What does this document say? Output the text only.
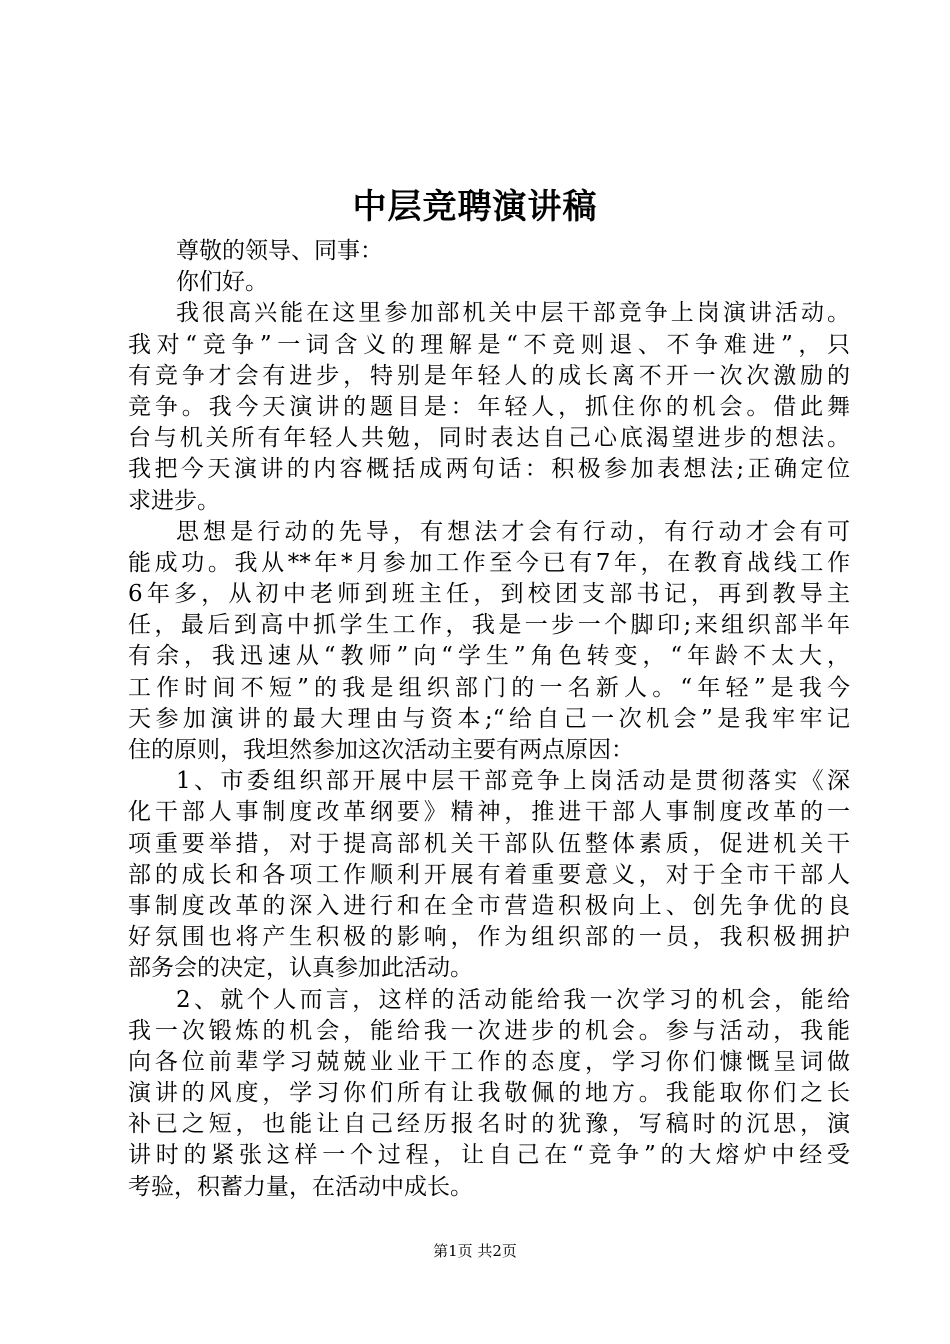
中层竞聘演讲稿
尊敬的领导、同事：
你们好。
我很高兴能在这里参加部机关中层干部竞争上岗演讲活动。
我对“竞争”一词含义的理解是“不竞则退、不争难进”，只
有竞争才会有进步，特别是年轻人的成长离不开一次次激励的
竞争。我今天演讲的题目是：年轻人，抓住你的机会。借此舞
台与机关所有年轻人共勉，同时表达自己心底渴望进步的想法。
我把今天演讲的内容概括成两句话：积极参加表想法;正确定位
求进步。
思想是行动的先导，有想法才会有行动，有行动才会有可
能成功。我从**年*月参加工作至今已有7年，在教育战线工作
6年多，从初中老师到班主任，到校团支部书记，再到教导主
任，最后到高中抓学生工作，我是一步一个脚印;来组织部半年
有余，我迅速从“教师”向“学生”角色转变，“年龄不太大，
工作时间不短”的我是组织部门的一名新人。“年轻”是我今
天参加演讲的最大理由与资本;“给自己一次机会”是我牢牢记
住的原则，我坦然参加这次活动主要有两点原因：
1、市委组织部开展中层干部竞争上岗活动是贯彻落实《深
化干部人事制度改革纲要》精神，推进干部人事制度改革的一
项重要举措，对于提高部机关干部队伍整体素质，促进机关干
部的成长和各项工作顺利开展有着重要意义，对于全市干部人
事制度改革的深入进行和在全市营造积极向上、创先争优的良
好氛围也将产生积极的影响，作为组织部的一员，我积极拥护
部务会的决定，认真参加此活动。
2、就个人而言，这样的活动能给我一次学习的机会，能给
我一次锻炼的机会，能给我一次进步的机会。参与活动，我能
向各位前辈学习兢兢业业干工作的态度，学习你们慷慨呈词做
演讲的风度，学习你们所有让我敬佩的地方。我能取你们之长
补已之短，也能让自己经历报名时的犹豫，写稿时的沉思，演
讲时的紧张这样一个过程，让自己在“竞争”的大熔炉中经受
考验，积蓄力量，在活动中成长。
第1页 共2页
